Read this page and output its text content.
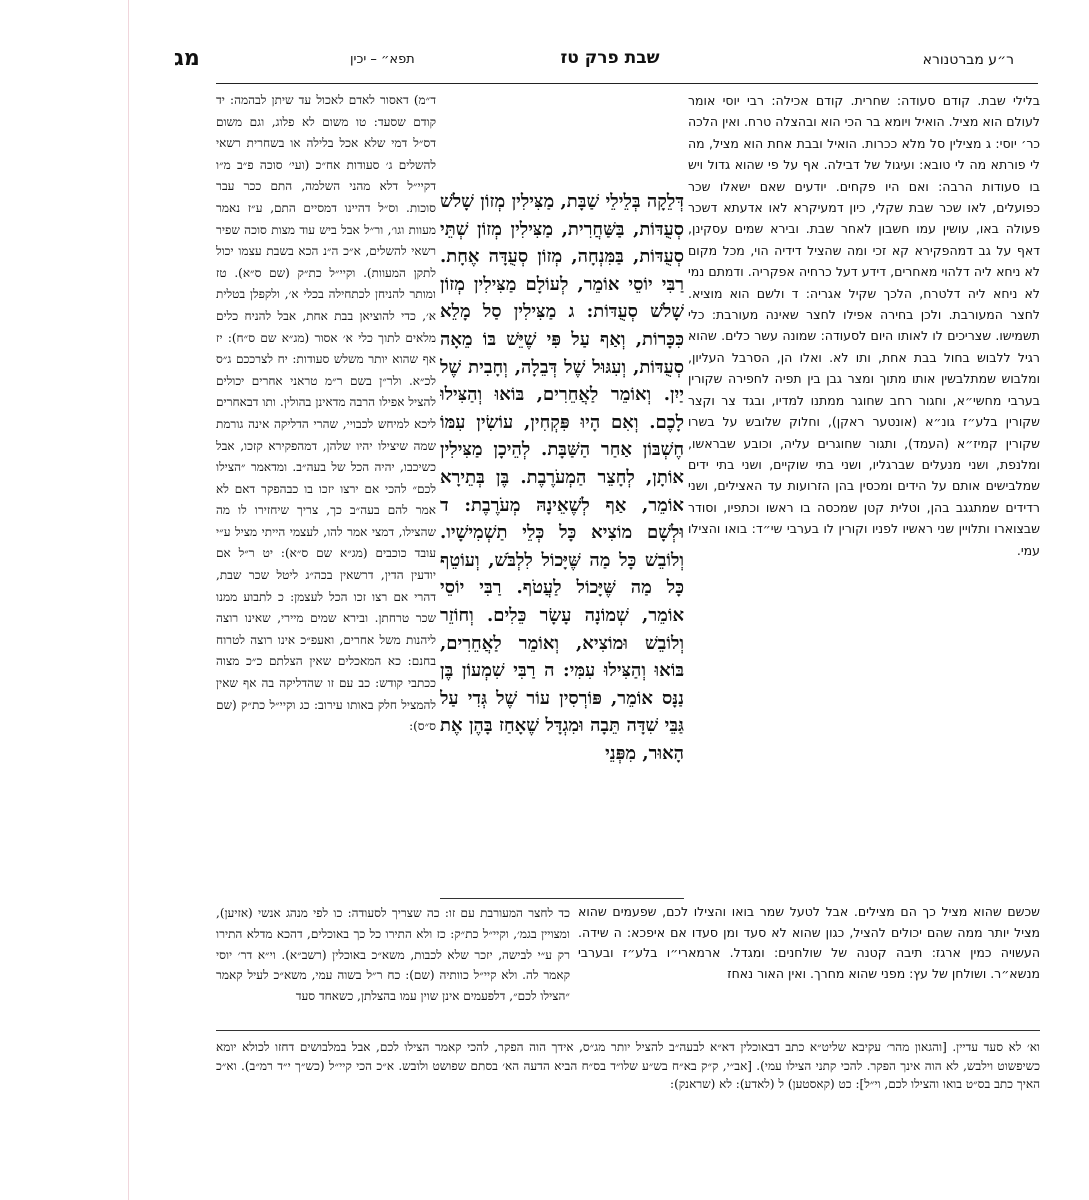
ר״ע מברטנורא
שבת פרק טז
תפא״ – יכין
מג
בלילי שבת. קודם סעודה: שחרית. קודם אכילה: רבי יוסי אומר לעולם הוא מציל. הואיל ויומא בר הכי הוא ובהצלה טרח. ואין הלכה כר׳ יוסי: ג מצילין סל מלא ככרות. הואיל ובבת אחת הוא מציל, מה לי פורתא מה לי טובא: ועיגול של דבילה. אף על פי שהוא גדול ויש בו סעודות הרבה: ואם היו פקחים. יודעים שאם ישאלו שכר כפועלים, לאו שכר שבת שקלי, כיון דמעיקרא לאו אדעתא דשכר פעולה באו, עושין עמו חשבון לאחר שבת. ובירא שמים עסקינן, דאף על גב דמהפקירא קא זכי ומה שהציל דידיה הוי, מכל מקום לא ניחא ליה דלהוי מאחרים, דידע דעל כרחיה אפקריה. ודמתם נמי לא ניחא ליה דלטרח, הלכך שקיל אגריה: ד ולשם הוא מוציא. לחצר המעורבת. ולכן בחירה אפילו לחצר שאינה מעורבת: כלי תשמישו. שצריכים לו לאותו היום לסעודה: שמונה עשר כלים. שהוא רגיל ללבוש בחול בבת אחת, ותו לא. ואלו הן, הסרבל העליון, ומלבוש שמתלבשין אותו מתוך ומצר גבן בין תפיה לחפירה שקורין בערבי מחשי״א, וחגור רחב שחוגר ממתנו למדיו, ובגד צר וקצר שקורין בלע״ז גונ״א (אונטער ראקן), וחלוק שלובש על בשרו שקורין קמיז״א (העמד), ותגור שחוגרים עליה, וכובע שבראשו, ומלנפת, ושני מנעלים שברגליו, ושני בתי שוקיים, ושני בתי ידים שמלבישים אותם על הידים ומכסין בהן הזרועות עד האצילים, ושני רדידים שמתגגב בהן, וטלית קטן שמכסה בו ראשו וכתפיו, וסודר שבצוארו ותלויין שני ראשיו לפניו וקורין לו בערבי שי״ד: בואו והצילו עמי.
דְּלֵקָה בְּלֵילֵי שַׁבָּת, מַצִּילִין מְזוֹן שָׁלֹשׁ סְעֻדּוֹת, בַּשַּׁחֲרִית, מַצִּילִין מְזוֹן שְׁתֵּי סְעֻדּוֹת, בַּמִּנְחָה, מְזוֹן סְעֻדָּה אֶחָת. רַבִּי יוֹסֵי אוֹמֵר, לְעוֹלָם מַצִּילִין מְזוֹן שָׁלֹשׁ סְעֻדּוֹת: ג מַצִּילִין סַל מָלֵא כִּכָּרוֹת, וְאַף עַל פִּי שֶׁיֵּשׁ בּוֹ מֵאָה סְעֻדּוֹת, וְעִגּוּל שֶׁל דְּבֵלָה, וְחָבִית שֶׁל יַיִן. וְאוֹמֵר לַאֲחֵרִים, בּוֹאוּ וְהַצִּילוּ לָכֶם. וְאִם הָיוּ פִּקְחִין, עוֹשִׂין עִמּוֹ חֶשְׁבּוֹן אַחַר הַשַּׁבָּת. לְהֵיכָן מַצִּילִין אוֹתָן, לְחָצֵר הַמְעֹרֶבֶת. בֶּן בְּתֵירָא אוֹמֵר, אַף לְשֶׁאֵינָהּ מְעֹרֶבֶת: ד וּלְשָׁם מוֹצִיא כָּל כְּלֵי תַשְׁמִישָׁיו. וְלוֹבֵשׁ כָּל מַה שֶּׁיָּכוֹל לִלְבֹּשׁ, וְעוֹטֵף כָּל מַה שֶּׁיָּכוֹל לַעֲטֹף. רַבִּי יוֹסֵי אוֹמֵר, שְׁמוֹנָה עָשָׂר כֵּלִים. וְחוֹזֵר וְלוֹבֵשׁ וּמוֹצִיא, וְאוֹמֵר לַאֲחֵרִים, בּוֹאוּ וְהַצִּילוּ עִמִּי: ה רַבִּי שִׁמְעוֹן בֶּן נַנָּס אוֹמֵר, פּוֹרְסִין עוֹר שֶׁל גְּדִי עַל גַּבֵּי שִׁדָּה תֵּבָה וּמִגְדָּל שֶׁאָחַז בָּהֶן אֶת הָאוּר, מִפְּנֵי
ד״מ) דאסור לאדם לאכול עד שיתן לבהמה: יד קודם שסעד: טו משום לא פלוג, וגם משום דס״ל דמי שלא אכל בלילה או בשחרית רשאי להשלים ג׳ סעודות אח״כ (ועי׳ סוכה פ״ב מ״ו דקיי״ל דלא מהני השלמה, התם ככר עבר סוכות. וס״ל דהיינו דמסיים התם, ע״ז נאמר מעוות וגו׳, ור״ל אבל ביש עוד מצות סוכה שפיר רשאי להשלים, א״כ ה״נ הכא בשבת עצמו יכול לתקן המעוות). וקיי״ל כת״ק (שם ס״א). טז ומותר להניחן לכתחילה בכלי א׳, ולקפלן בטלית א׳, כדי להוציאן בבת אחת, אבל להניח כלים מלאים לתוך כלי א׳ אסור (מג״א שם ס״ח): יז אף שהוא יותר משלש סעודות: יח לצרככם ג״ס לכ״א. ולר״ן בשם ר״מ טראני אחרים יכולים להציל אפילו הרבה מדאינן בהולין. ותו דבאחרים ליכא למיחש לכבויי, שהרי הדליקה אינה גורמת שמה שיצילו יהיו שלהן, דמהפקירא קזכו, אבל כשיכבו, יהיה הכל של בעה״ב. ומדאמר ״הצילו לכם״ להכי אם ירצו יזכו בו כבהפקר דאם לא אמר להם בעה״ב כך, צריך שיחזירו לו מה שהצילו, דמצי אמר להו, לעצמי הייתי מציל ע״י עובד כוכבים (מג״א שם ס״א): יט ר״ל אם יודעין הדין, דרשאין בכה״ג ליטל שכר שבת, דהרי אם רצו זכו הכל לעצמן: כ לתבוע ממנו שכר טרחתן. ובירא שמים מיירי, שאינו רוצה ליהנות משל אחרים, ואעפ״כ אינו רוצה לטרוח בחנם: כא המאכלים שאין הצלתם כ״כ מצוה ככתבי קודש: כב עם זו שהדליקה בה אף שאין להמציל חלק באותו עירוב: כג וקיי״ל כת״ק (שם ס״ס):
שכשם שהוא מציל כך הם מצילים. אבל לטעל שמר בואו והצילו לכם, שפעמים שהוא מציל יותר ממה שהם יכולים להציל, כגון שהוא לא סעד ומן סעדו אם איפכא: ה שידה. העשויה כמין ארגז: תיבה קטנה של שולחנים: ומגדל. ארמארי״ו בלע״ז ובערבי מנשא״ר. ושולחן של עץ: מפני שהוא מחרך. ואין האור נאחז
כד לחצר המעורבת עם זו: כה שצריך לסעודה: כו לפי מנהג אנשי (אזיען), ומצויין בגמ׳, וקיי״ל כת״ק: כז ולא התירו כל כך באוכלים, דהכא מדלא התירו רק ע״י לבישה, יזכר שלא לכבות, משא״כ באוכלין (רשב״א). וי״א דר׳ יוסי קאמר לה. ולא קיי״ל כוותיה (שם): כח ר״ל בשוה עמי, משא״כ לעיל קאמר ״הצילו לכם״, דלפעמים אינן שוין עמו בהצלתן, כשאחד סעד
וא׳ לא סעד עדיין. [והגאון מהר׳ עקיבא שליט״א כתב דבאוכלין דא״א לבעה״ב להציל יותר מג״ס, אידך הוה הפקר, להכי קאמר הצילו לכם, אבל במלבושים דחזו לכולא יומא כשיפשוט וילבש, לא הוה אינך הפקר. להכי קתני הצילו עמי). [אב״י, ק״ק בא״ח בש״ע שלו״ד בס״ח הביא הדעה הא׳ בסתם שפושט ולובש. א״כ הכי קיי״ל (כש״ך י״ד רמ״ב). וא״כ האיך כתב בס״ט בואו והצילו לכם, וי״ל]: כט (קאסטען) ל (לאדע): לא (שראנק):
